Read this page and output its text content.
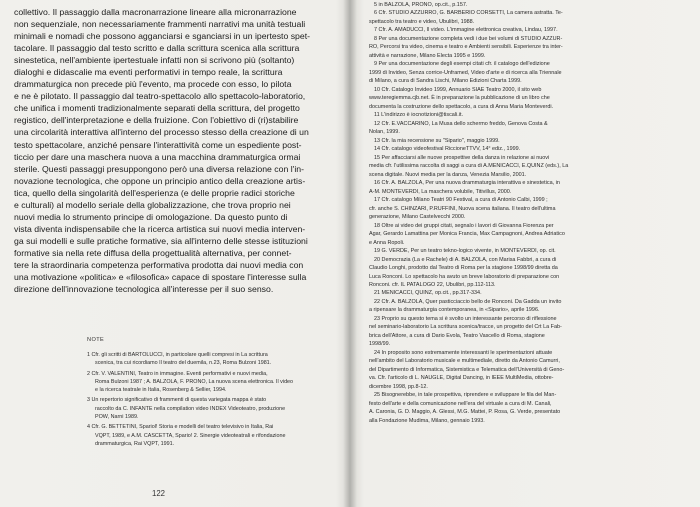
collettivo. Il passaggio dalla macronarrazione lineare alla micronarrazione
non sequenziale, non necessariamente frammenti narrativi ma unità testuali
minimali e nomadi che possono agganciarsi e sganciarsi in un ipertesto spet-
tacolare. Il passaggio dal testo scritto e dalla scrittura scenica alla scrittura
sinestetica, nell'ambiente ipertestuale infatti non si scrivono più (soltanto)
dialoghi e didascalie ma eventi performativi in tempo reale, la scrittura
drammaturgica non precede più l'evento, ma procede con esso, lo pilota
e ne è pilotato. Il passaggio dal teatro-spettacolo allo spettacolo-laboratorio,
che unifica i momenti tradizionalmente separati della scrittura, del progetto
registico, dell'interpretazione e della fruizione. Con l'obiettivo di (ri)stabilire
una circolarità interattiva all'interno del processo stesso della creazione di un
testo spettacolare, anziché pensare l'interattività come un espediente post-
ticcio per dare una maschera nuova a una macchina drammaturgica ormai
sterile. Questi passaggi presuppongono però una diversa relazione con l'in-
novazione tecnologica, che oppone un principio antico della creazione artis-
tica, quello della singolarità dell'esperienza (e delle proprie radici storiche
e culturali) al modello seriale della globalizzazione, che trova proprio nei
nuovi media lo strumento principe di omologazione. Da questo punto di
vista diventa indispensabile che la ricerca artistica sui nuovi media interven-
ga sui modelli e sulle pratiche formative, sia all'interno delle stesse istituzioni
formative sia nella rete diffusa della progettualità alternativa, per connet-
tere la straordinaria competenza performativa prodotta dai nuovi media con
una motivazione «politica» e «filosofica» capace di spostare l'interesse sulla
direzione dell'innovazione tecnologica all'interesse per il suo senso.

NOTE

1 Cfr. gli scritti di BARTOLUCCI, in particolare quelli compresi in La scrittura
scenica, tra cui ricordiamo Il teatro del duemila, n.23, Roma Bulzoni 1981.

2 Cfr. V. VALENTINI, Teatro in immagine. Eventi performativi e nuovi media,
Roma Bulzoni 1987 ; A. BALZOLA, F. PRONO, La nuova scena elettronica. Il video
e la ricerca teatrale in Italia, Rosenberg & Sellier, 1994.

3 Un repertorio significativo di frammenti di questa variegata mappa è stato
raccolto da C. INFANTE nella compilation video INDEX Videoteatro, produzione
POW, Narni 1989.

4 Cfr. G. BETTETINI, Spariol! Storia e modelli del teatro televisivo in Italia, Rai
VQPT, 1989, e A.M. CASCETTA, Spario! 2. Sinergie videoteatrali e rifondazione
drammaturgica, Rai VQPT, 1991.

122

5 in BALZOLA, PRONO, op.cit., p.157.

6 Cfr. STUDIO AZZURRO, G. BARBERIO CORSETTI, La camera astratta. Te-
spettacolo tra teatro e video, Ubulibri, 1988.

7 Cfr. A. AMADUCCI, Il video. L'immagine elettronica creativa, Lindau, 1997.

8 Per una documentazione completa vedi i due bei volumi di STUDIO AZZUR-
RO, Percorsi tra video, cinema e teatro e Ambienti sensibili. Esperienze tra inter-
attività e narrazione, Milano Electa 1995 e 1999.

9 Per una documentazione degli esempi citati cfr. il catalogo dell'edizione
1999 di Invideo, Senza corrice-Unframed, Video d'arte e di ricerca alla Triennale
di Milano, a cura di Sandra Lischi, Milano Edizioni Charta 1999.

10 Cfr. Catalogo Invideo 1999, Annuario SIAE Teatro 2000, il sito web
www.teregiemma.cjb.net. È in preparazione la pubblicazione di un libro che
documenta la costruzione dello spettacolo, a cura di Anna Maria Monteverdi.

11 L'indirizzo è iocnotizioni@tiscali.it.

12 Cfr. E.VACCARINO, La Musa dello schermo freddo, Genova Costa &
Nolan, 1999.

13 Cfr. la mia recensione su "Sipario", maggio 1999.

14 Cfr. catalogo videofestival RiccioneTTVV, 14° ediz., 1999.

15 Per affacciarsi alle nuove prospettive della danza in relazione ai nuovi
media cfr. l'utilissima raccolta di saggi a cura di A.MENICACCI, E.QUINZ (eds.), La
scena digitale. Nuovi media per la danza, Venezia Marsilio, 2001.

16 Cfr. A. BALZOLA, Per una nuova drammaturgia interattiva e sinestetica, in
A-M. MONTEVERDI, La maschera volubile, Titivillus, 2000.

17 Cfr. catalogo Milano Teatri 90 Festival, a cura di Antonio Calbi, 1999 ;
cfr. anche S. CHINZARI, P.RUFFINI, Nuova scena italiana. Il teatro dell'ultima
generazione, Milano Castelvecchi 2000.

18 Oltre ai video dei gruppi citati, segnalo i lavori di Giovanna Fiorenza per
Agar, Gerardo Lamattina per Monica Francia, Max Campagnoni, Andrea Adriatico
e Anna Ropoli.

19 G. VERDE, Per un teatro tekno-logico vivente, in MONTEVERDI, op. cit.

20 Democrazia (La e Rachele) di A. BALZOLA, con Marisa Fabbri, a cura di
Claudio Longhi, prodotto dal Teatro di Roma per la stagione 1998/99 diretta da
Luca Ronconi. Lo spettacolo ha avuto un breve laboratorio di preparazione con
Ronconi. cfr. IL PATALOGO 22, Ubulibri, pp.112-113.

21 MENICACCI, QUINZ, op.cit., pp.317-334.

22 Cfr. A. BALZOLA, Quer pasticciaccio bello de Ronconi. Da Gadda un invito
a ripensare la drammaturgia contemporanea, in «Sipario», aprile 1996.

23 Proprio su questo tema si è svolto un interessante percorso di riflessione
nel seminario-laboratorio La scrittura scenica/tracce, un progetto del Crt La Fab-
brica dell'Attore, a cura di Dario Evola, Teatro Vascello di Roma, stagione
1998/99.

24 In proposito sono estremamente interessanti le sperimentazioni attuate
nell'ambito del Laboratorio musicale e multimediale, diretto da Antonio Camurri,
del Dipartimento di Informatica, Sistemistica e Telematica dell'Università di Geno-
va. Cfr. l'articolo di L. NAUGLE, Digital Dancing, in IEEE MultiMedia, ottobre-
dicembre 1998, pp.8-12.

25 Bisognerebbe, in tale prospettiva, riprendere e sviluppare le fila del Man-
festo dell'arte e della comunicazione nell'era del virtuale a cura di M. Canali,
A. Caronia, G. D. Maggio, A. Glessi, M.G. Mattei, P. Rosa, G. Verde, presentato
alla Fondazione Mudima, Milano, gennaio 1993.
